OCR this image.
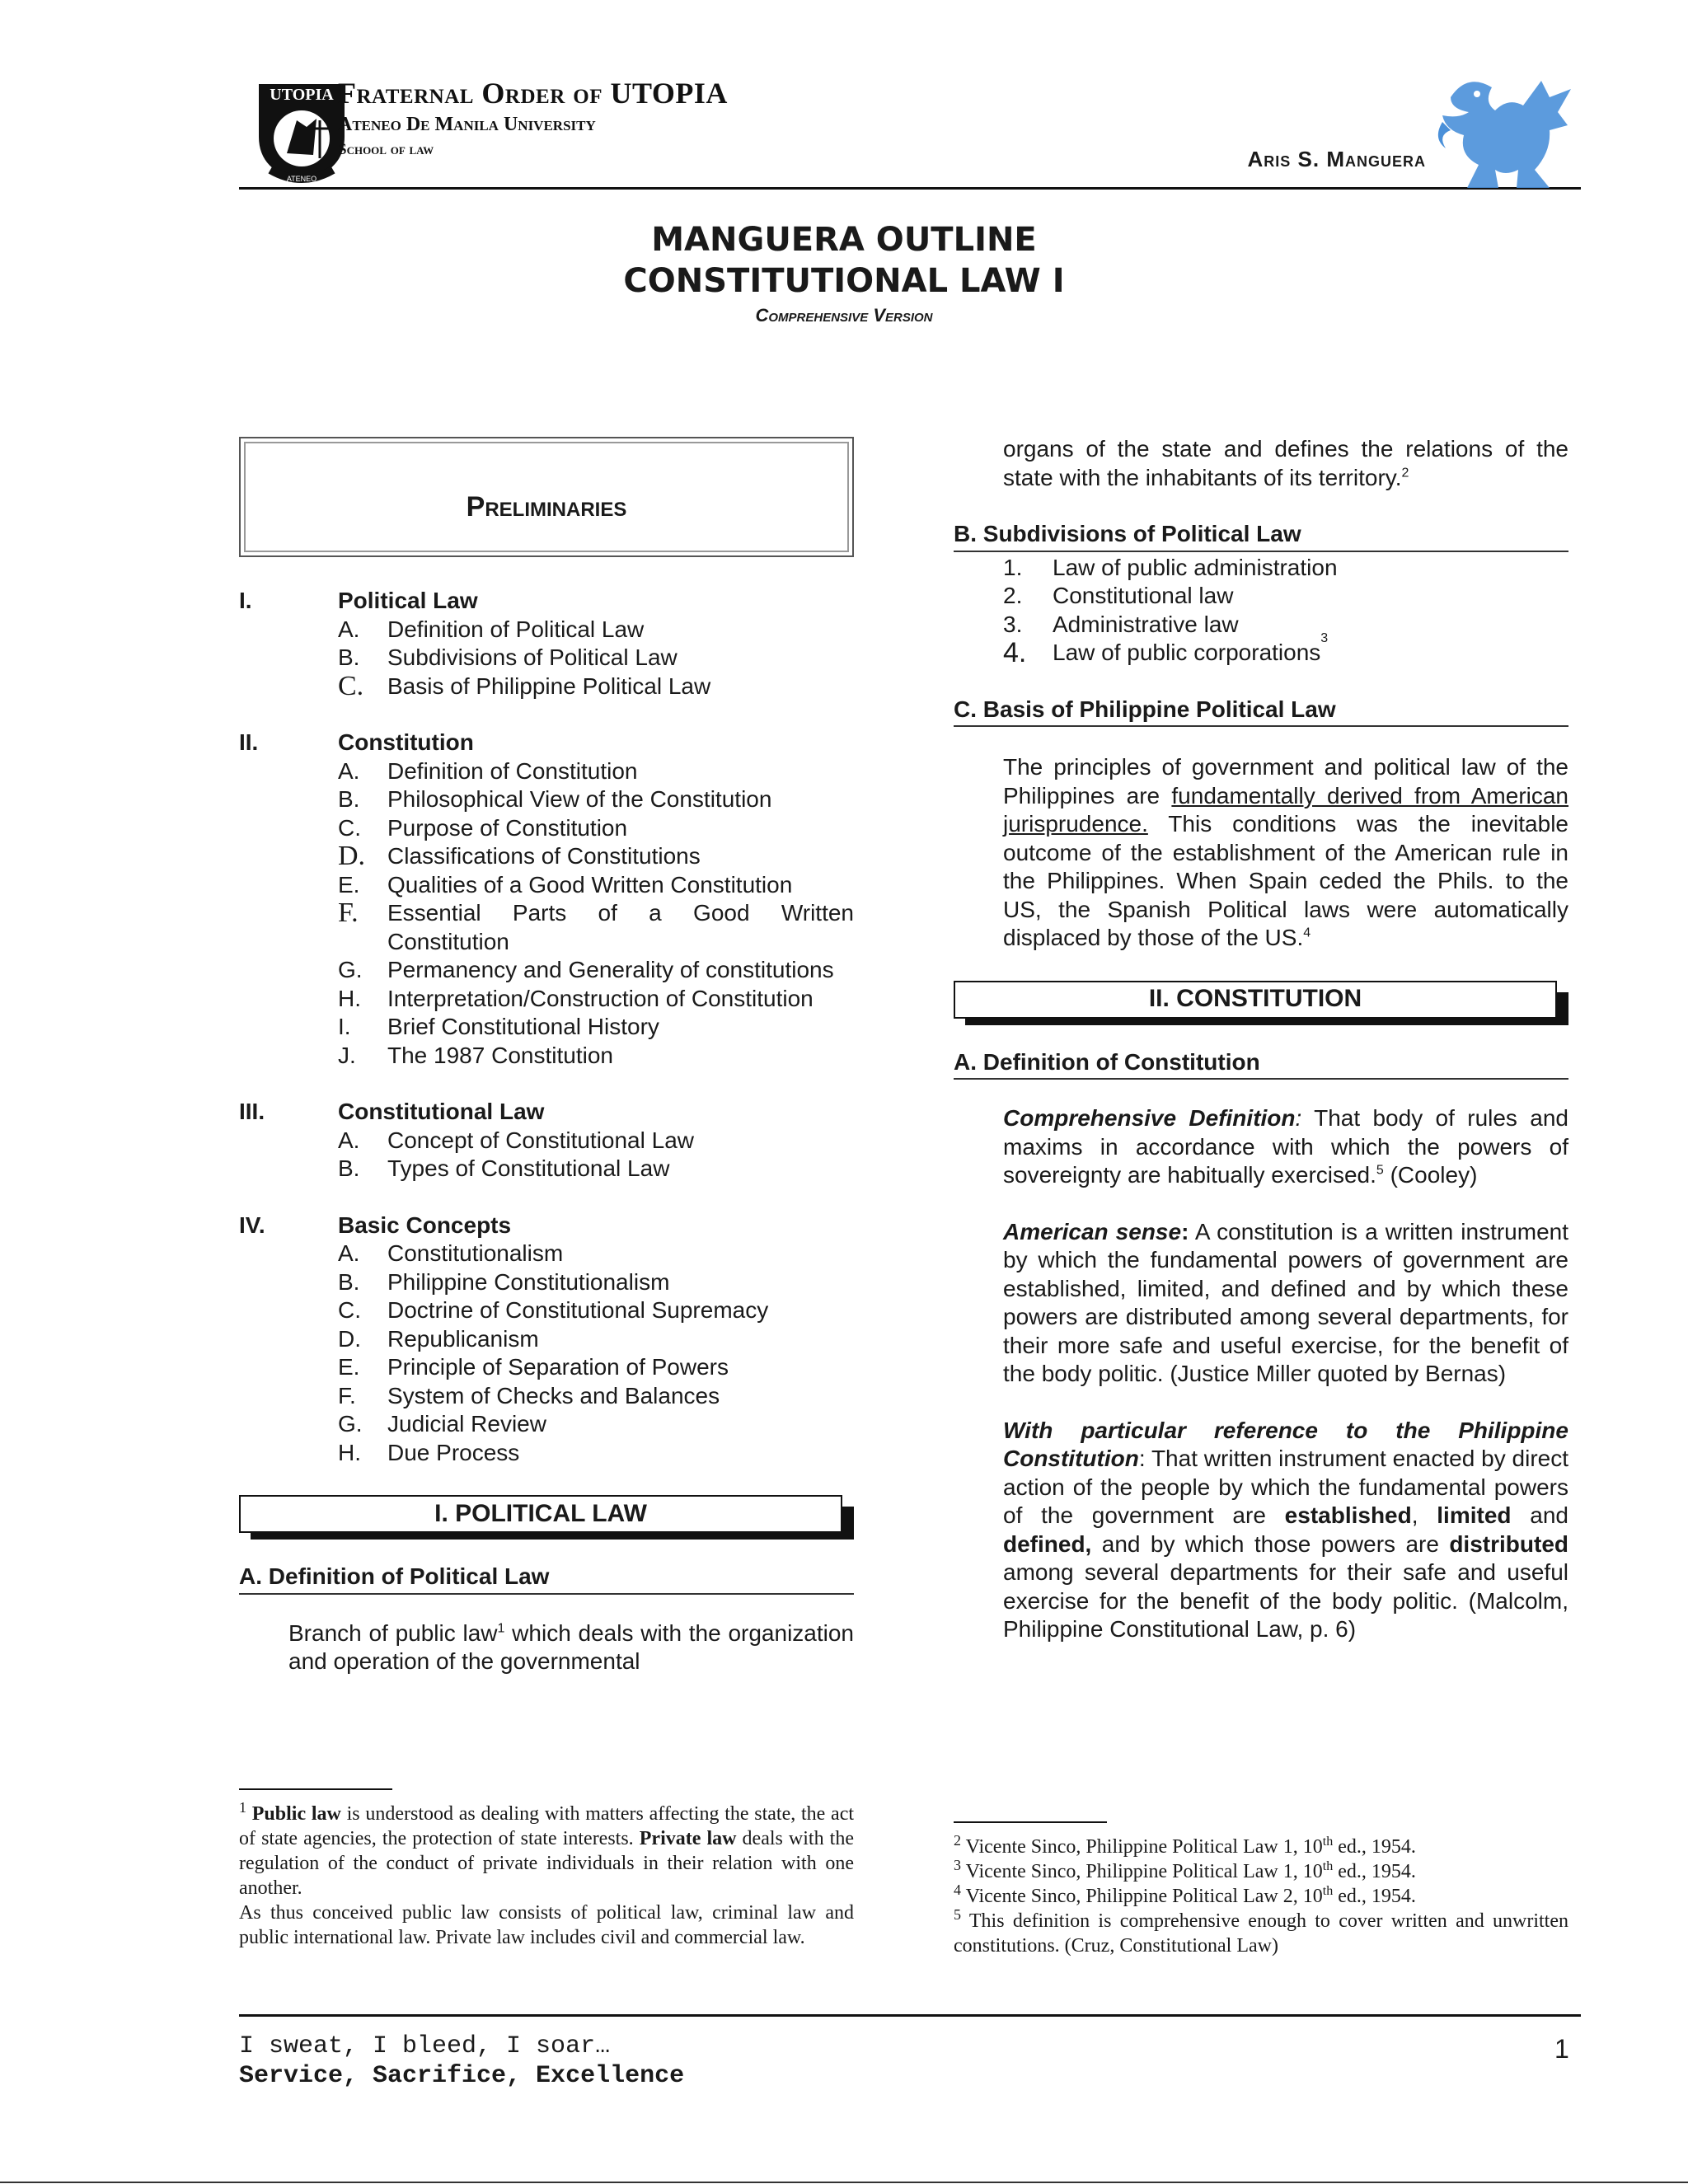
UTOPIA
ATENEO
Fraternal Order of UTOPIA
Ateneo De Manila University
School of law	Aris S. Manguera
MANGUERA OUTLINE
CONSTITUTIONAL LAW I
Comprehensive Version
Preliminaries
I.	Political Law
A.	Definition of Political Law
B.	Subdivisions of Political Law
C.	Basis of Philippine Political Law
II.	Constitution
A.	Definition of Constitution
B.	Philosophical View of the Constitution
C.	Purpose of Constitution
D. Classifications of Constitutions
E.	Qualities of a Good Written Constitution
F.	Essential Parts of a Good Written Constitution
G.	Permanency and Generality of constitutions
H.	Interpretation/Construction of Constitution
I.	Brief Constitutional History
J.	The 1987 Constitution
III.	Constitutional Law
A.	Concept of Constitutional Law
B.	Types of Constitutional Law
IV.	Basic Concepts
A.	Constitutionalism
B.	Philippine Constitutionalism
C.	Doctrine of Constitutional Supremacy
D.	Republicanism
E.	Principle of Separation of Powers
F.	System of Checks and Balances
G.	Judicial Review
H.	Due Process
I. POLITICAL LAW
A. Definition of Political Law
Branch of public law$^1$ which deals with the organization and operation of the governmental
organs of the state and defines the relations of the state with the inhabitants of its territory.$^2$
B. Subdivisions of Political Law
1.	Law of public administration
2.	Constitutional law
3.	Administrative law
4.	Law of public corporations
3
C. Basis of Philippine Political Law
The principles of government and political law of the Philippines are fundamentally derived from American jurisprudence. This conditions was the inevitable outcome of the establishment of the American rule in the Philippines. When Spain ceded the Phils. to the US, the Spanish Political laws were automatically displaced by those of the US.$^4$
II. CONSTITUTION
A. Definition of Constitution
Comprehensive Definition: That body of rules and maxims in accordance with which the powers of sovereignty are habitually exercised.$^5$ (Cooley)
American sense: A constitution is a written instrument by which the fundamental powers of government are established, limited, and defined and by which these powers are distributed among several departments, for their more safe and useful exercise, for the benefit of the body politic. (Justice Miller quoted by Bernas)
With particular reference to the Philippine Constitution: That written instrument enacted by direct action of the people by which the fundamental powers of the government are established, limited and defined, and by which those powers are distributed among several departments for their safe and useful exercise for the benefit of the body politic. (Malcolm, Philippine Constitutional Law, p. 6)
$^1$ Public law is understood as dealing with matters affecting the state, the act of state agencies, the protection of state interests. Private law deals with the regulation of the conduct of private individuals in their relation with one another.
As thus conceived public law consists of political law, criminal law and public international law. Private law includes civil and commercial law.
$^2$ Vicente Sinco, Philippine Political Law 1, 10th ed., 1954.
$^3$ Vicente Sinco, Philippine Political Law 1, 10th ed., 1954.
$^4$ Vicente Sinco, Philippine Political Law 2, 10th ed., 1954.
$^5$ This definition is comprehensive enough to cover written and unwritten constitutions. (Cruz, Constitutional Law)
I sweat, I bleed, I soar…
Service, Sacrifice, Excellence
1
